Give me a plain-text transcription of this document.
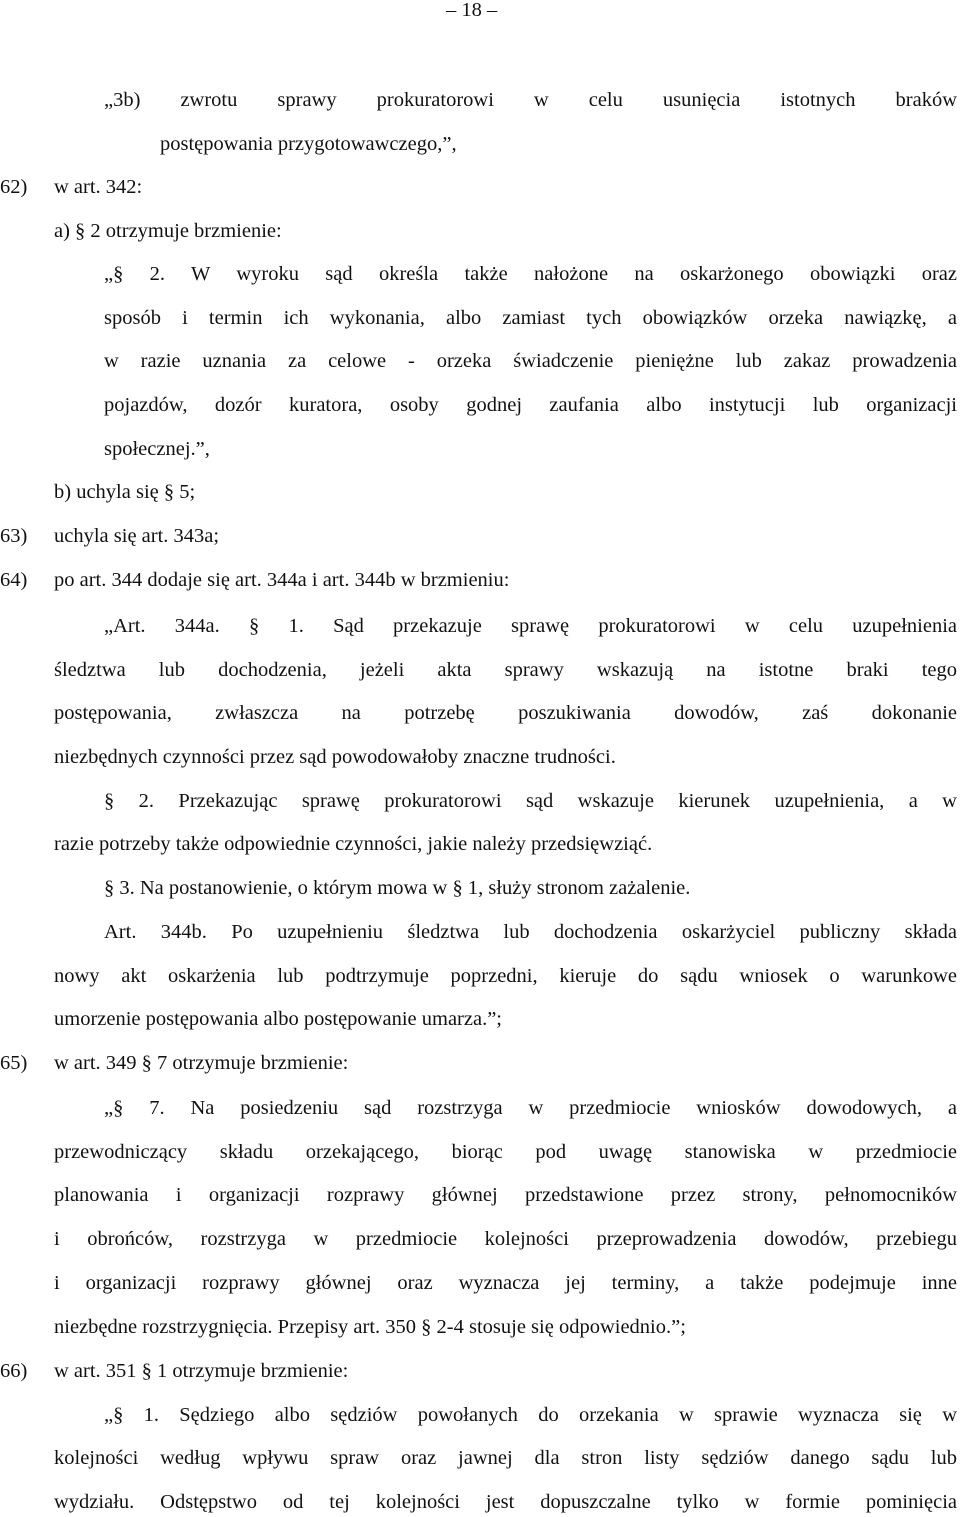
– 18 –
„3b) zwrotu sprawy prokuratorowi w celu usunięcia istotnych braków
postępowania przygotowawczego,”,
62) w art. 342:
a) § 2 otrzymuje brzmienie:
„§ 2. W wyroku sąd określa także nałożone na oskarżonego obowiązki oraz
sposób i termin ich wykonania, albo zamiast tych obowiązków orzeka nawiązkę, a
w razie uznania za celowe - orzeka świadczenie pieniężne lub zakaz prowadzenia
pojazdów, dozór kuratora, osoby godnej zaufania albo instytucji lub organizacji
społecznej.”,
b) uchyla się § 5;
63) uchyla się art. 343a;
64) po art. 344 dodaje się art. 344a i art. 344b w brzmieniu:
„Art. 344a. § 1. Sąd przekazuje sprawę prokuratorowi w celu uzupełnienia
śledztwa lub dochodzenia, jeżeli akta sprawy wskazują na istotne braki tego
postępowania, zwłaszcza na potrzebę poszukiwania dowodów, zaś dokonanie
niezbędnych czynności przez sąd powodowałoby znaczne trudności.
§ 2. Przekazując sprawę prokuratorowi sąd wskazuje kierunek uzupełnienia, a w
razie potrzeby także odpowiednie czynności, jakie należy przedsięwziąć.
§ 3. Na postanowienie, o którym mowa w § 1, służy stronom zażalenie.
Art. 344b. Po uzupełnieniu śledztwa lub dochodzenia oskarżyciel publiczny składa
nowy akt oskarżenia lub podtrzymuje poprzedni, kieruje do sądu wniosek o warunkowe
umorzenie postępowania albo postępowanie umarza.”;
65) w art. 349 § 7 otrzymuje brzmienie:
„§ 7. Na posiedzeniu sąd rozstrzyga w przedmiocie wniosków dowodowych, a
przewodniczący składu orzekającego, biorąc pod uwagę stanowiska w przedmiocie
planowania i organizacji rozprawy głównej przedstawione przez strony, pełnomocników
i obrońców, rozstrzyga w przedmiocie kolejności przeprowadzenia dowodów, przebiegu
i organizacji rozprawy głównej oraz wyznacza jej terminy, a także podejmuje inne
niezbędne rozstrzygnięcia. Przepisy art. 350 § 2-4 stosuje się odpowiednio.”;
66) w art. 351 § 1 otrzymuje brzmienie:
„§ 1. Sędziego albo sędziów powołanych do orzekania w sprawie wyznacza się w
kolejności według wpływu spraw oraz jawnej dla stron listy sędziów danego sądu lub
wydziału. Odstępstwo od tej kolejności jest dopuszczalne tylko w formie pominięcia
